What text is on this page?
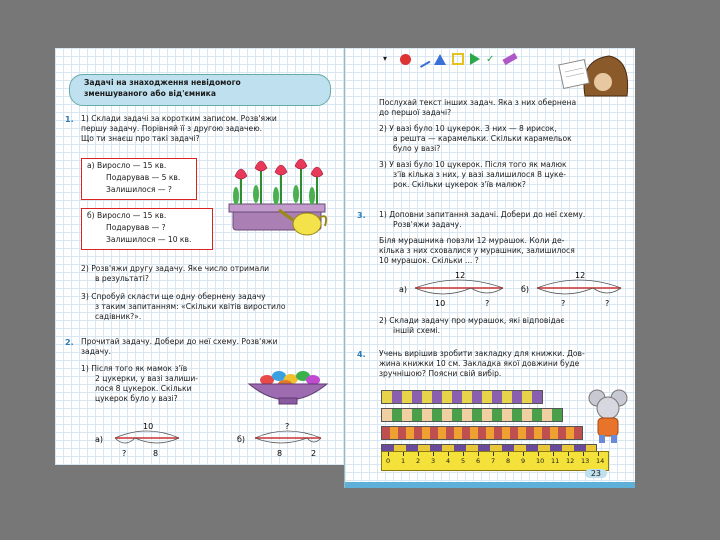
Задачі на знаходження невідомого
зменшуваного або від'ємника
1. 1) Склади задачі за коротким записом. Розв'яжи
першу задачу. Порівняй її з другою задачею.
Що ти знаєш про такі задачі?
а) Виросло — 15 кв.
Подарував — 5 кв.
Залишилося — ?
б) Виросло — 15 кв.
Подарував — ?
Залишилося — 10 кв.
2) Розв'яжи другу задачу. Яке число отримали
в результаті?
3) Спробуй скласти ще одну обернену задачу
з таким запитанням: «Скільки квітів виростило
садівник?».
2. Прочитай задачу. Добери до неї схему. Розв'яжи
задачу.
1) Після того як мамок з'їв
2 цукерки, у вазі залиши-
лося 8 цукерок. Скільки
цукерок було у вазі?
а)
10
?	8
б)
?
8	2
▾	✓
Послухай текст інших задач. Яка з них обернена
до першої задачі?
2) У вазі було 10 цукерок. З них — 8 ирисок,
а решта — карамельки. Скільки карамельок
було у вазі?
3) У вазі було 10 цукерок. Після того як малюк
з'їв кілька з них, у вазі залишилося 8 цуке-
рок. Скільки цукерок з'їв малюк?
3. 1) Доповни запитання задачі. Добери до неї схему.
Розв'яжи задачу.
Біля мурашника повзли 12 мурашок. Коли де-
кілька з них сховалися у мурашник, залишилося
10 мурашок. Скільки ... ?
а)
12
10	?
б)
12
?	?
2) Склади задачу про мурашок, які відповідає
іншій схемі.
4. Учень вирішив зробити закладку для книжки. Дов-
жина книжки 10 см. Закладка якої довжини буде
зручнішою? Поясни свій вибір.
0 1 2 3 4 5 6 7 8 9 10 11 12 13 14
23
